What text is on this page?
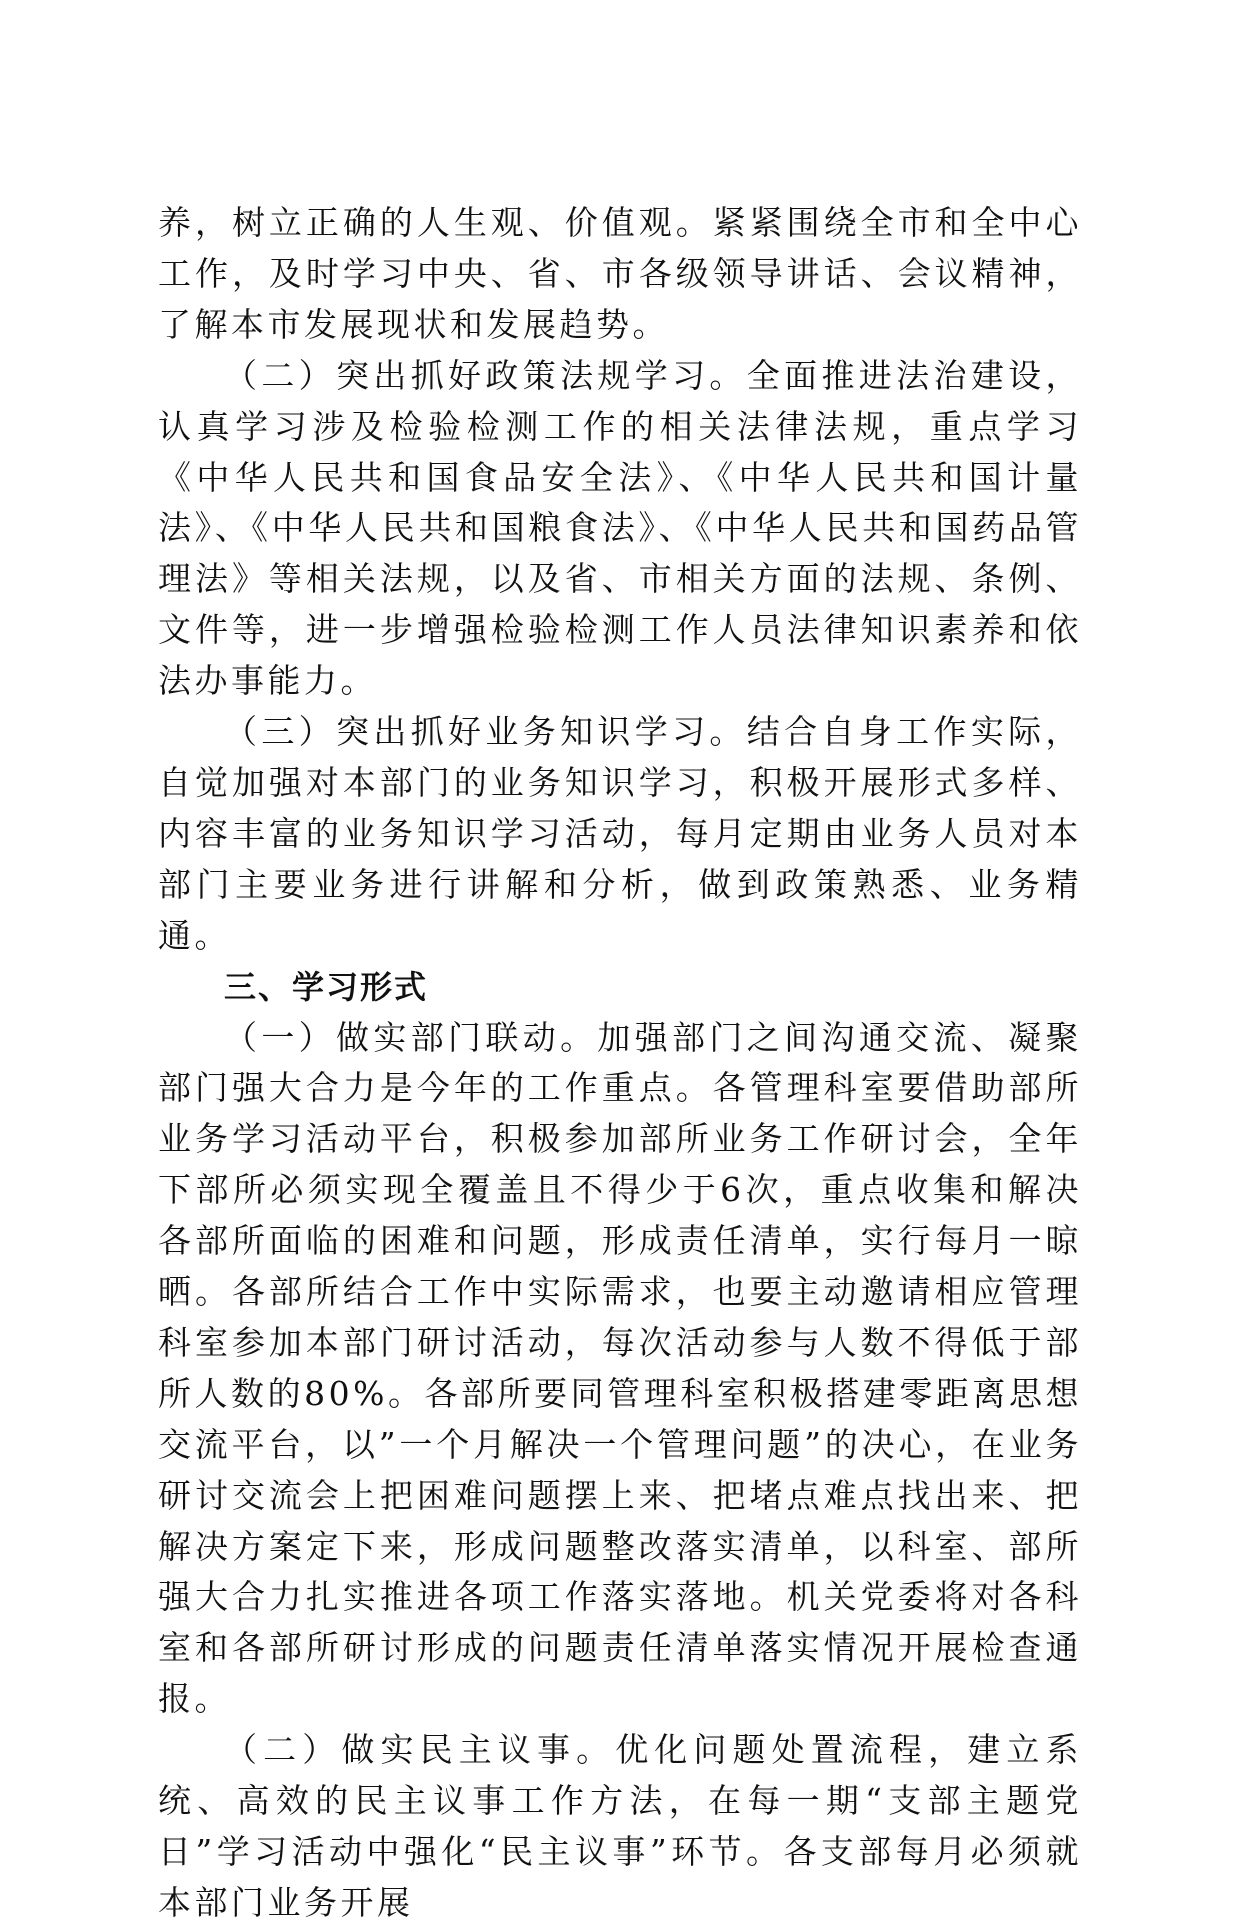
养，树立正确的人生观、价值观。紧紧围绕全市和全中心工作，及时学习中央、省、市各级领导讲话、会议精神，了解本市发展现状和发展趋势。

（二）突出抓好政策法规学习。全面推进法治建设，认真学习涉及检验检测工作的相关法律法规，重点学习《中华人民共和国食品安全法》、《中华人民共和国计量法》、《中华人民共和国粮食法》、《中华人民共和国药品管理法》等相关法规，以及省、市相关方面的法规、条例、文件等，进一步增强检验检测工作人员法律知识素养和依法办事能力。

（三）突出抓好业务知识学习。结合自身工作实际，自觉加强对本部门的业务知识学习，积极开展形式多样、内容丰富的业务知识学习活动，每月定期由业务人员对本部门主要业务进行讲解和分析，做到政策熟悉、业务精通。

三、学习形式

（一）做实部门联动。加强部门之间沟通交流、凝聚部门强大合力是今年的工作重点。各管理科室要借助部所业务学习活动平台，积极参加部所业务工作研讨会，全年下部所必须实现全覆盖且不得少于6次，重点收集和解决各部所面临的困难和问题，形成责任清单，实行每月一晾晒。各部所结合工作中实际需求，也要主动邀请相应管理科室参加本部门研讨活动，每次活动参与人数不得低于部所人数的80%。各部所要同管理科室积极搭建零距离思想交流平台，以”一个月解决一个管理问题”的决心，在业务研讨交流会上把困难问题摆上来、把堵点难点找出来、把解决方案定下来，形成问题整改落实清单，以科室、部所强大合力扎实推进各项工作落实落地。机关党委将对各科室和各部所研讨形成的问题责任清单落实情况开展检查通报。

（二）做实民主议事。优化问题处置流程，建立系统、高效的民主议事工作方法，在每一期“支部主题党日”学习活动中强化“民主议事”环节。各支部每月必须就本部门业务开展
